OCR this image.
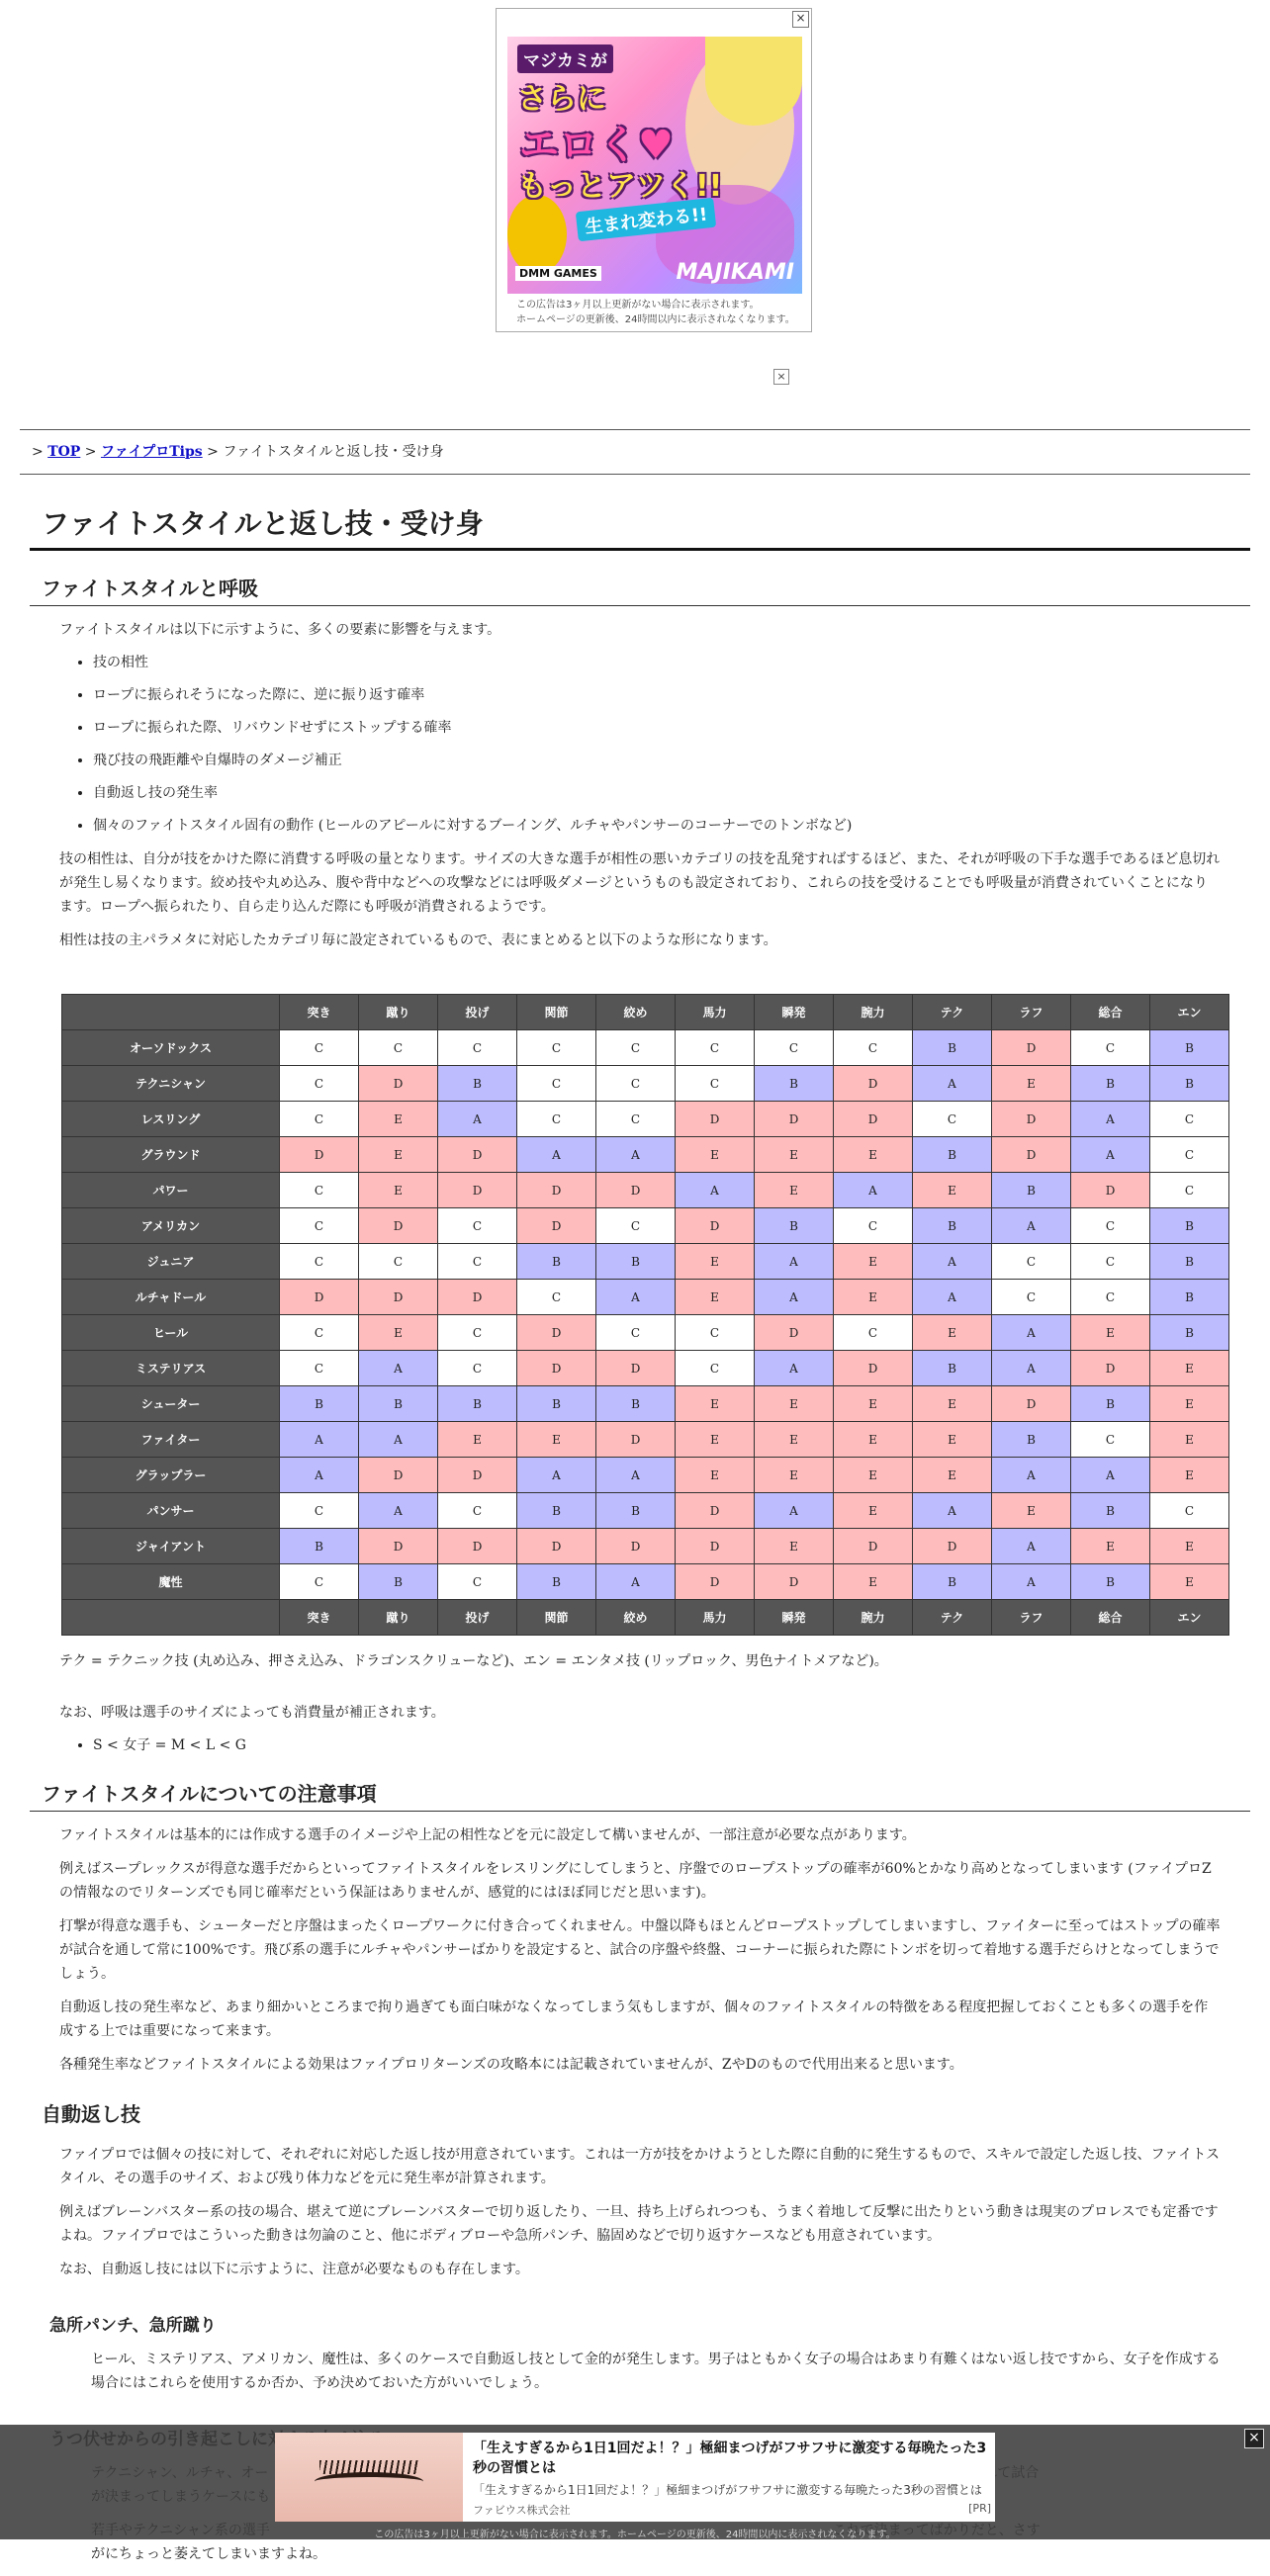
×
マジカミが
さらに
エロく♥
もっとアツく!!
生まれ変わる!!
DMM GAMES	MAJIKAMI
この広告は3ヶ月以上更新がない場合に表示されます。
ホームページの更新後、24時間以内に表示されなくなります。
×
> TOP > ファイプロTips > ファイトスタイルと返し技・受け身
ファイトスタイルと返し技・受け身
ファイトスタイルと呼吸

ファイトスタイルは以下に示すように、多くの要素に影響を与えます。

• 技の相性
• ロープに振られそうになった際に、逆に振り返す確率
• ロープに振られた際、リバウンドせずにストップする確率
• 飛び技の飛距離や自爆時のダメージ補正
• 自動返し技の発生率
• 個々のファイトスタイル固有の動作 (ヒールのアピールに対するブーイング、ルチャやパンサーのコーナーでのトンボなど)

技の相性は、自分が技をかけた際に消費する呼吸の量となります。サイズの大きな選手が相性の悪いカテゴリの技を乱発すればするほど、また、それが呼吸の下手な選手であるほど息切れが発生し易くなります。絞め技や丸め込み、腹や背中などへの攻撃などには呼吸ダメージというものも設定されており、これらの技を受けることでも呼吸量が消費されていくことになります。ロープへ振られたり、自ら走り込んだ際にも呼吸が消費されるようです。

相性は技の主パラメタに対応したカテゴリ毎に設定されているもので、表にまとめると以下のような形になります。

	突き	蹴り	投げ	関節	絞め	馬力	瞬発	腕力	テク	ラフ	総合	エン
オーソドックス	C	C	C	C	C	C	C	C	B	D	C	B
テクニシャン	C	D	B	C	C	C	B	D	A	E	B	B
レスリング	C	E	A	C	C	D	D	D	C	D	A	C
グラウンド	D	E	D	A	A	E	E	E	B	D	A	C
パワー	C	E	D	D	D	A	E	A	E	B	D	C
アメリカン	C	D	C	D	C	D	B	C	B	A	C	B
ジュニア	C	C	C	B	B	E	A	E	A	C	C	B
ルチャドール	D	D	D	C	A	E	A	E	A	C	C	B
ヒール	C	E	C	D	C	C	D	C	E	A	E	B
ミステリアス	C	A	C	D	D	C	A	D	B	A	D	E
シューター	B	B	B	B	B	E	E	E	E	D	B	E
ファイター	A	A	E	E	D	E	E	E	E	B	C	E
グラップラー	A	D	D	A	A	E	E	E	E	A	A	E
パンサー	C	A	C	B	B	D	A	E	A	E	B	C
ジャイアント	B	D	D	D	D	D	E	D	D	A	E	E
魔性	C	B	C	B	A	D	D	E	B	A	B	E
	突き	蹴り	投げ	関節	絞め	馬力	瞬発	腕力	テク	ラフ	総合	エン

テク = テクニック技 (丸め込み、押さえ込み、ドラゴンスクリューなど)、エン = エンタメ技 (リップロック、男色ナイトメアなど)。

なお、呼吸は選手のサイズによっても消費量が補正されます。

• S < 女子 = M < L < G
ファイトスタイルについての注意事項

ファイトスタイルは基本的には作成する選手のイメージや上記の相性などを元に設定して構いませんが、一部注意が必要な点があります。

例えばスープレックスが得意な選手だからといってファイトスタイルをレスリングにしてしまうと、序盤でのロープストップの確率が60%とかなり高めとなってしまいます (ファイプロZの情報なのでリターンズでも同じ確率だという保証はありませんが、感覚的にはほぼ同じだと思います)。

打撃が得意な選手も、シューターだと序盤はまったくロープワークに付き合ってくれません。中盤以降もほとんどロープストップしてしまいますし、ファイターに至ってはストップの確率が試合を通して常に100%です。飛び系の選手にルチャやパンサーばかりを設定すると、試合の序盤や終盤、コーナーに振られた際にトンボを切って着地する選手だらけとなってしまうでしょう。

自動返し技の発生率など、あまり細かいところまで拘り過ぎても面白味がなくなってしまう気もしますが、個々のファイトスタイルの特徴をある程度把握しておくことも多くの選手を作成する上では重要になって来ます。

各種発生率などファイトスタイルによる効果はファイプロリターンズの攻略本には記載されていませんが、ZやDのもので代用出来ると思います。

自動返し技

ファイプロでは個々の技に対して、それぞれに対応した返し技が用意されています。これは一方が技をかけようとした際に自動的に発生するもので、スキルで設定した返し技、ファイトスタイル、その選手のサイズ、および残り体力などを元に発生率が計算されます。

例えばブレーンバスター系の技の場合、堪えて逆にブレーンバスターで切り返したり、一旦、持ち上げられつつも、うまく着地して反撃に出たりという動きは現実のプロレスでも定番ですよね。ファイプロではこういった動きは勿論のこと、他にボディブローや急所パンチ、脇固めなどで切り返すケースなども用意されています。

なお、自動返し技には以下に示すように、注意が必要なものも存在します。

急所パンチ、急所蹴り

ヒール、ミステリアス、アメリカン、魔性は、多くのケースで自動返し技として金的が発生します。男子はともかく女子の場合はあまり有難くはない返し技ですから、女子を作成する場合にはこれらを使用するか否か、予め決めておいた方がいいでしょう。

がにちょっと萎えてしまいますよね。

「生えすぎるから1日1回だよ！？」極細まつげがフサフサに激変する毎晩たった3秒の習慣とは
「生えすぎるから1日1回だよ！？」極細まつげがフサフサに激変する毎晩たった3秒の習慣とは
ファビウス株式会社	[PR]
×
この広告は3ヶ月以上更新がない場合に表示されます。ホームページの更新後、24時間以内に表示されなくなります。
